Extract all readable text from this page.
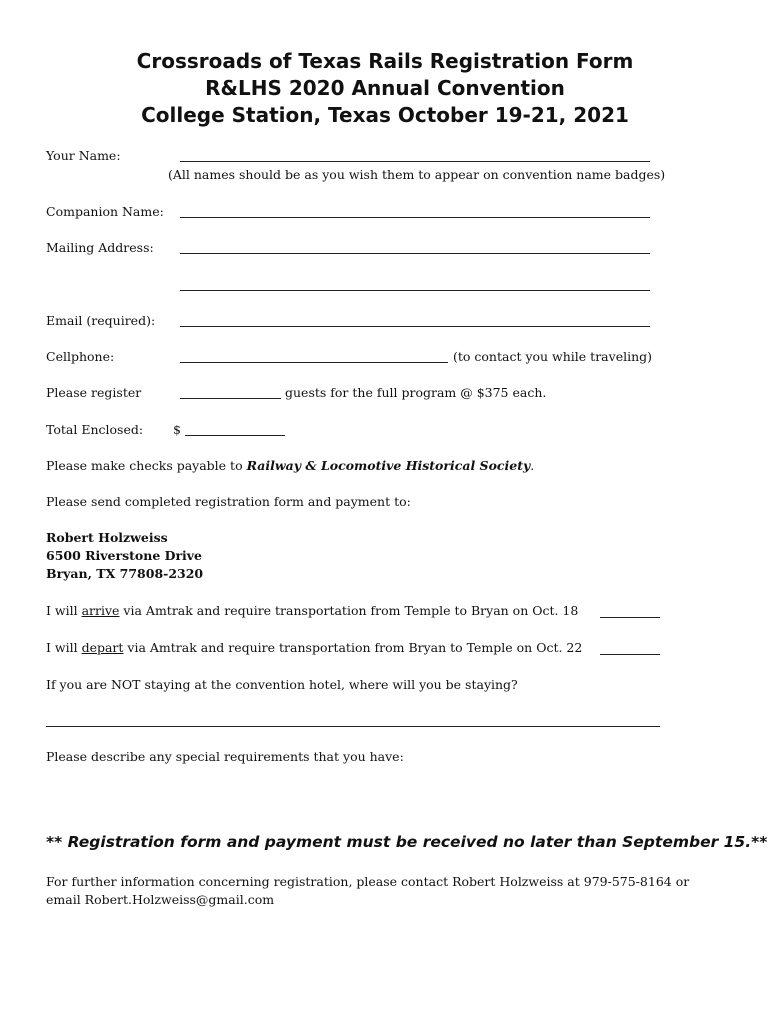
Crossroads of Texas Rails Registration Form
R&LHS 2020 Annual Convention
College Station, Texas October 19-21, 2021
Your Name:
(All names should be as you wish them to appear on convention name badges)
Companion Name:
Mailing Address:
Email (required):
Cellphone:	(to contact you while traveling)
Please register	guests for the full program @ $375 each.
Total Enclosed: $
Please make checks payable to Railway & Locomotive Historical Society.
Please send completed registration form and payment to:
Robert Holzweiss
6500 Riverstone Drive
Bryan, TX 77808-2320
I will arrive via Amtrak and require transportation from Temple to Bryan on Oct. 18
I will depart via Amtrak and require transportation from Bryan to Temple on Oct. 22
If you are NOT staying at the convention hotel, where will you be staying?
Please describe any special requirements that you have:
** Registration form and payment must be received no later than September 15.**
For further information concerning registration, please contact Robert Holzweiss at 979-575-8164 or email Robert.Holzweiss@gmail.com
